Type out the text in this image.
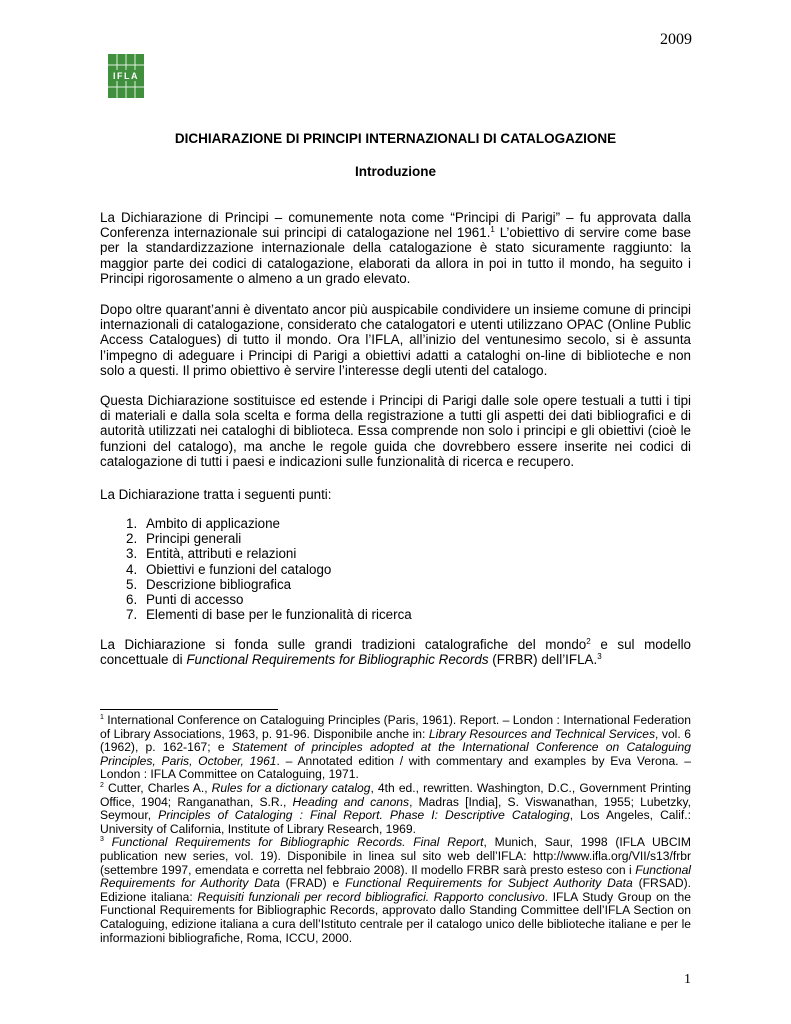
2009
IFLA
DICHIARAZIONE DI PRINCIPI INTERNAZIONALI DI CATALOGAZIONE
Introduzione

La Dichiarazione di Principi – comunemente nota come “Principi di Parigi” – fu approvata dalla Conferenza internazionale sui principi di catalogazione nel 1961.$^1$ L’obiettivo di servire come base per la standardizzazione internazionale della catalogazione è stato sicuramente raggiunto: la maggior parte dei codici di catalogazione, elaborati da allora in poi in tutto il mondo, ha seguito i Principi rigorosamente o almeno a un grado elevato.

Dopo oltre quarant’anni è diventato ancor più auspicabile condividere un insieme comune di principi internazionali di catalogazione, considerato che catalogatori e utenti utilizzano OPAC (Online Public Access Catalogues) di tutto il mondo. Ora l’IFLA, all’inizio del ventunesimo secolo, si è assunta l’impegno di adeguare i Principi di Parigi a obiettivi adatti a cataloghi on-line di biblioteche e non solo a questi. Il primo obiettivo è servire l’interesse degli utenti del catalogo.

Questa Dichiarazione sostituisce ed estende i Principi di Parigi dalle sole opere testuali a tutti i tipi di materiali e dalla sola scelta e forma della registrazione a tutti gli aspetti dei dati bibliografici e di autorità utilizzati nei cataloghi di biblioteca. Essa comprende non solo i principi e gli obiettivi (cioè le funzioni del catalogo), ma anche le regole guida che dovrebbero essere inserite nei codici di catalogazione di tutti i paesi e indicazioni sulle funzionalità di ricerca e recupero.

La Dichiarazione tratta i seguenti punti:

1. Ambito di applicazione
2. Principi generali
3. Entità, attributi e relazioni
4. Obiettivi e funzioni del catalogo
5. Descrizione bibliografica
6. Punti di accesso
7. Elementi di base per le funzionalità di ricerca

La Dichiarazione si fonda sulle grandi tradizioni catalografiche del mondo$^2$ e sul modello concettuale di Functional Requirements for Bibliographic Records (FRBR) dell’IFLA.$^3$

$^1$ International Conference on Cataloguing Principles (Paris, 1961). Report. – London : International Federation of Library Associations, 1963, p. 91-96. Disponibile anche in: Library Resources and Technical Services, vol. 6 (1962), p. 162-167; e Statement of principles adopted at the International Conference on Cataloguing Principles, Paris, October, 1961. – Annotated edition / with commentary and examples by Eva Verona. – London : IFLA Committee on Cataloguing, 1971.

$^2$ Cutter, Charles A., Rules for a dictionary catalog, 4th ed., rewritten. Washington, D.C., Government Printing Office, 1904; Ranganathan, S.R., Heading and canons, Madras [India], S. Viswanathan, 1955; Lubetzky, Seymour, Principles of Cataloging : Final Report. Phase I: Descriptive Cataloging, Los Angeles, Calif.: University of California, Institute of Library Research, 1969.

$^3$ Functional Requirements for Bibliographic Records. Final Report, Munich, Saur, 1998 (IFLA UBCIM publication new series, vol. 19). Disponibile in linea sul sito web dell’IFLA: http://www.ifla.org/VII/s13/frbr (settembre 1997, emendata e corretta nel febbraio 2008). Il modello FRBR sarà presto esteso con i Functional Requirements for Authority Data (FRAD) e Functional Requirements for Subject Authority Data (FRSAD). Edizione italiana: Requisiti funzionali per record bibliografici. Rapporto conclusivo. IFLA Study Group on the Functional Requirements for Bibliographic Records, approvato dallo Standing Committee dell’IFLA Section on Cataloguing, edizione italiana a cura dell’Istituto centrale per il catalogo unico delle biblioteche italiane e per le informazioni bibliografiche, Roma, ICCU, 2000.

1
